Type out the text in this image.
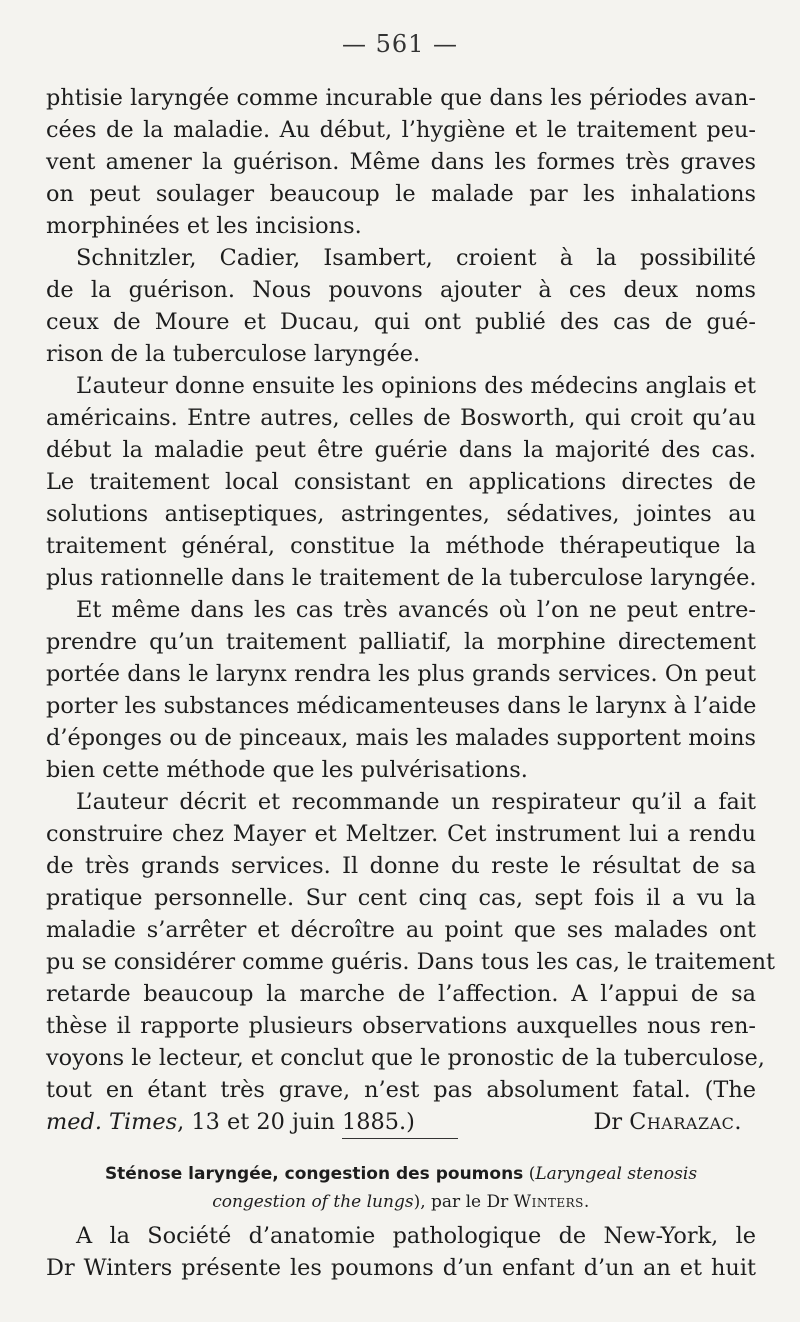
— 561 —
phtisie laryngée comme incurable que dans les périodes avan-
cées de la maladie. Au début, l’hygiène et le traitement peu-
vent amener la guérison. Même dans les formes très graves
on peut soulager beaucoup le malade par les inhalations
morphinées et les incisions.
Schnitzler, Cadier, Isambert, croient à la possibilité
de la guérison. Nous pouvons ajouter à ces deux noms
ceux de Moure et Ducau, qui ont publié des cas de gué-
rison de la tuberculose laryngée.
L’auteur donne ensuite les opinions des médecins anglais et
américains. Entre autres, celles de Bosworth, qui croit qu’au
début la maladie peut être guérie dans la majorité des cas.
Le traitement local consistant en applications directes de
solutions antiseptiques, astringentes, sédatives, jointes au
traitement général, constitue la méthode thérapeutique la
plus rationnelle dans le traitement de la tuberculose laryngée.
Et même dans les cas très avancés où l’on ne peut entre-
prendre qu’un traitement palliatif, la morphine directement
portée dans le larynx rendra les plus grands services. On peut
porter les substances médicamenteuses dans le larynx à l’aide
d’éponges ou de pinceaux, mais les malades supportent moins
bien cette méthode que les pulvérisations.
L’auteur décrit et recommande un respirateur qu’il a fait
construire chez Mayer et Meltzer. Cet instrument lui a rendu
de très grands services. Il donne du reste le résultat de sa
pratique personnelle. Sur cent cinq cas, sept fois il a vu la
maladie s’arrêter et décroître au point que ses malades ont
pu se considérer comme guéris. Dans tous les cas, le traitement
retarde beaucoup la marche de l’affection. A l’appui de sa
thèse il rapporte plusieurs observations auxquelles nous ren-
voyons le lecteur, et conclut que le pronostic de la tuberculose,
tout en étant très grave, n’est pas absolument fatal. (The
med. Times, 13 et 20 juin 1885.)	Dr Charazac.
Sténose laryngée, congestion des poumons (Laryngeal stenosis
congestion of the lungs), par le Dr Winters.
A la Société d’anatomie pathologique de New-York, le
Dr Winters présente les poumons d’un enfant d’un an et huit
